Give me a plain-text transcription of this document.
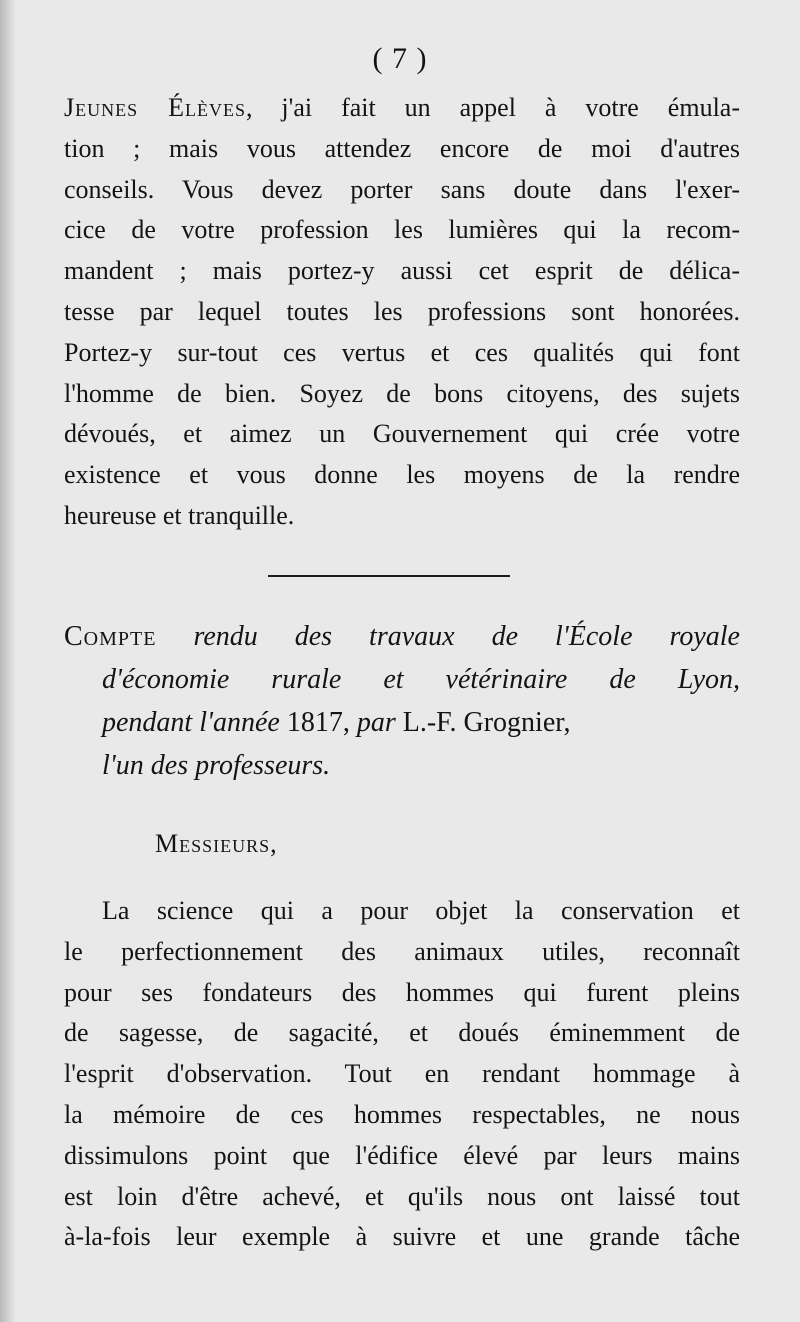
( 7 )
Jeunes Élèves, j'ai fait un appel à votre émula-
tion ; mais vous attendez encore de moi d'autres
conseils. Vous devez porter sans doute dans l'exer-
cice de votre profession les lumières qui la recom-
mandent ; mais portez-y aussi cet esprit de délica-
tesse par lequel toutes les professions sont honorées.
Portez-y sur-tout ces vertus et ces qualités qui font
l'homme de bien. Soyez de bons citoyens, des sujets
dévoués, et aimez un Gouvernement qui crée votre
existence et vous donne les moyens de la rendre
heureuse et tranquille.
Compte rendu des travaux de l'École royale
d'économie rurale et vétérinaire de Lyon,
pendant l'année 1817, par L.-F. Grognier,
l'un des professeurs.
Messieurs,
La science qui a pour objet la conservation et
le perfectionnement des animaux utiles, reconnaît
pour ses fondateurs des hommes qui furent pleins
de sagesse, de sagacité, et doués éminemment de
l'esprit d'observation. Tout en rendant hommage à
la mémoire de ces hommes respectables, ne nous
dissimulons point que l'édifice élevé par leurs mains
est loin d'être achevé, et qu'ils nous ont laissé tout
à-la-fois leur exemple à suivre et une grande tâche
